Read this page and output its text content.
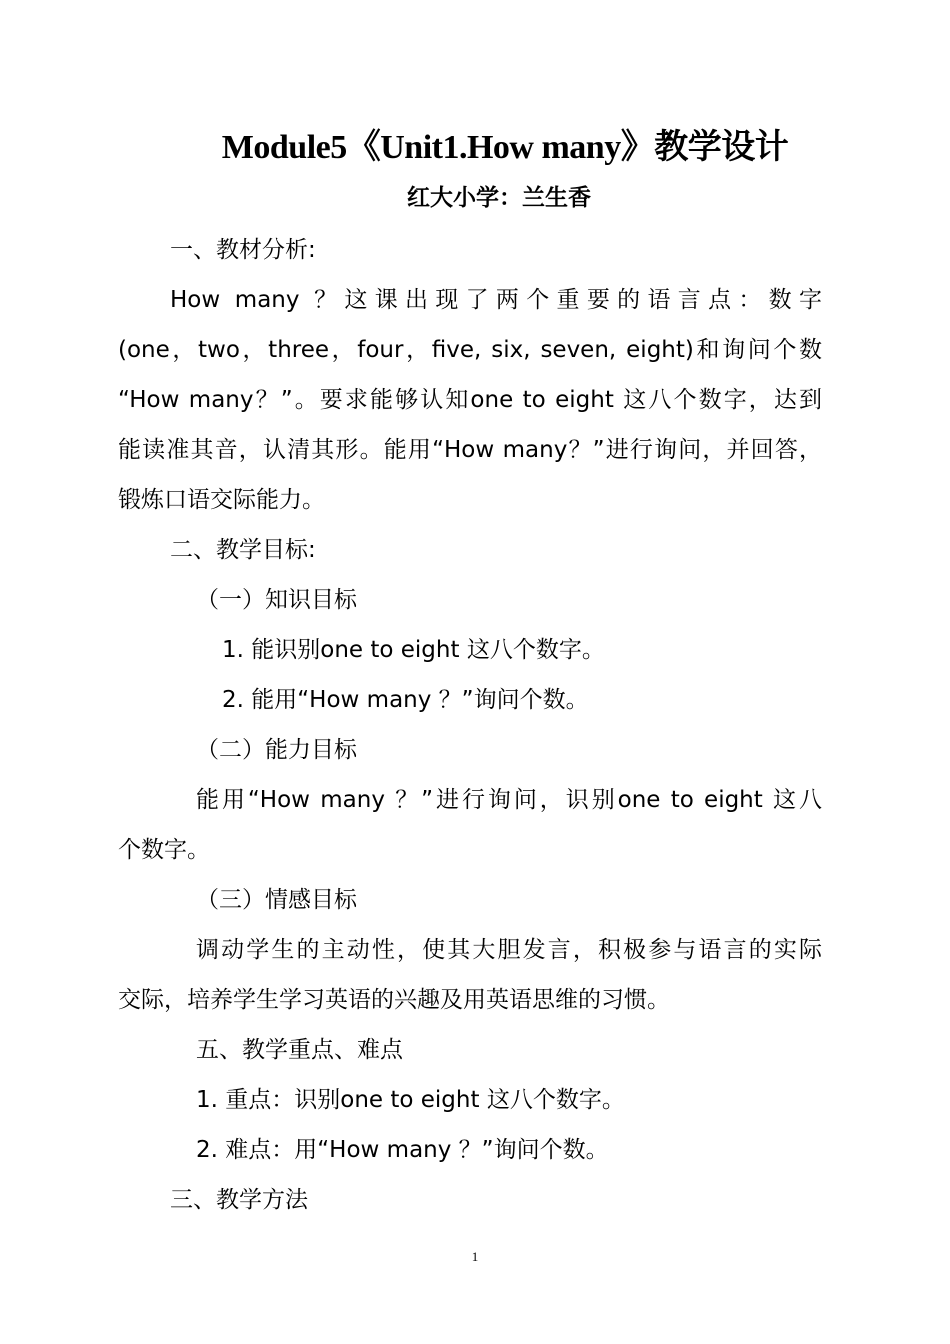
Module5《Unit1.How many》教学设计
红大小学：兰生香
一、教材分析:
How many ？这课出现了两个重要的语言点：数字
(one，two，three，four，five, six, seven, eight)和询问个数
“How many？”。要求能够认知one to eight 这八个数字，达到
能读准其音，认清其形。能用“How many？”进行询问，并回答，
锻炼口语交际能力。
二、教学目标:
（一）知识目标
1. 能识别one to eight 这八个数字。
2. 能用“How many ？”询问个数。
（二）能力目标
能用“How many ？”进行询问，识别one to eight 这八
个数字。
（三）情感目标
调动学生的主动性，使其大胆发言，积极参与语言的实际
交际，培养学生学习英语的兴趣及用英语思维的习惯。
五、教学重点、难点
1. 重点：识别one to eight 这八个数字。
2. 难点：用“How many ？”询问个数。
三、教学方法
1
